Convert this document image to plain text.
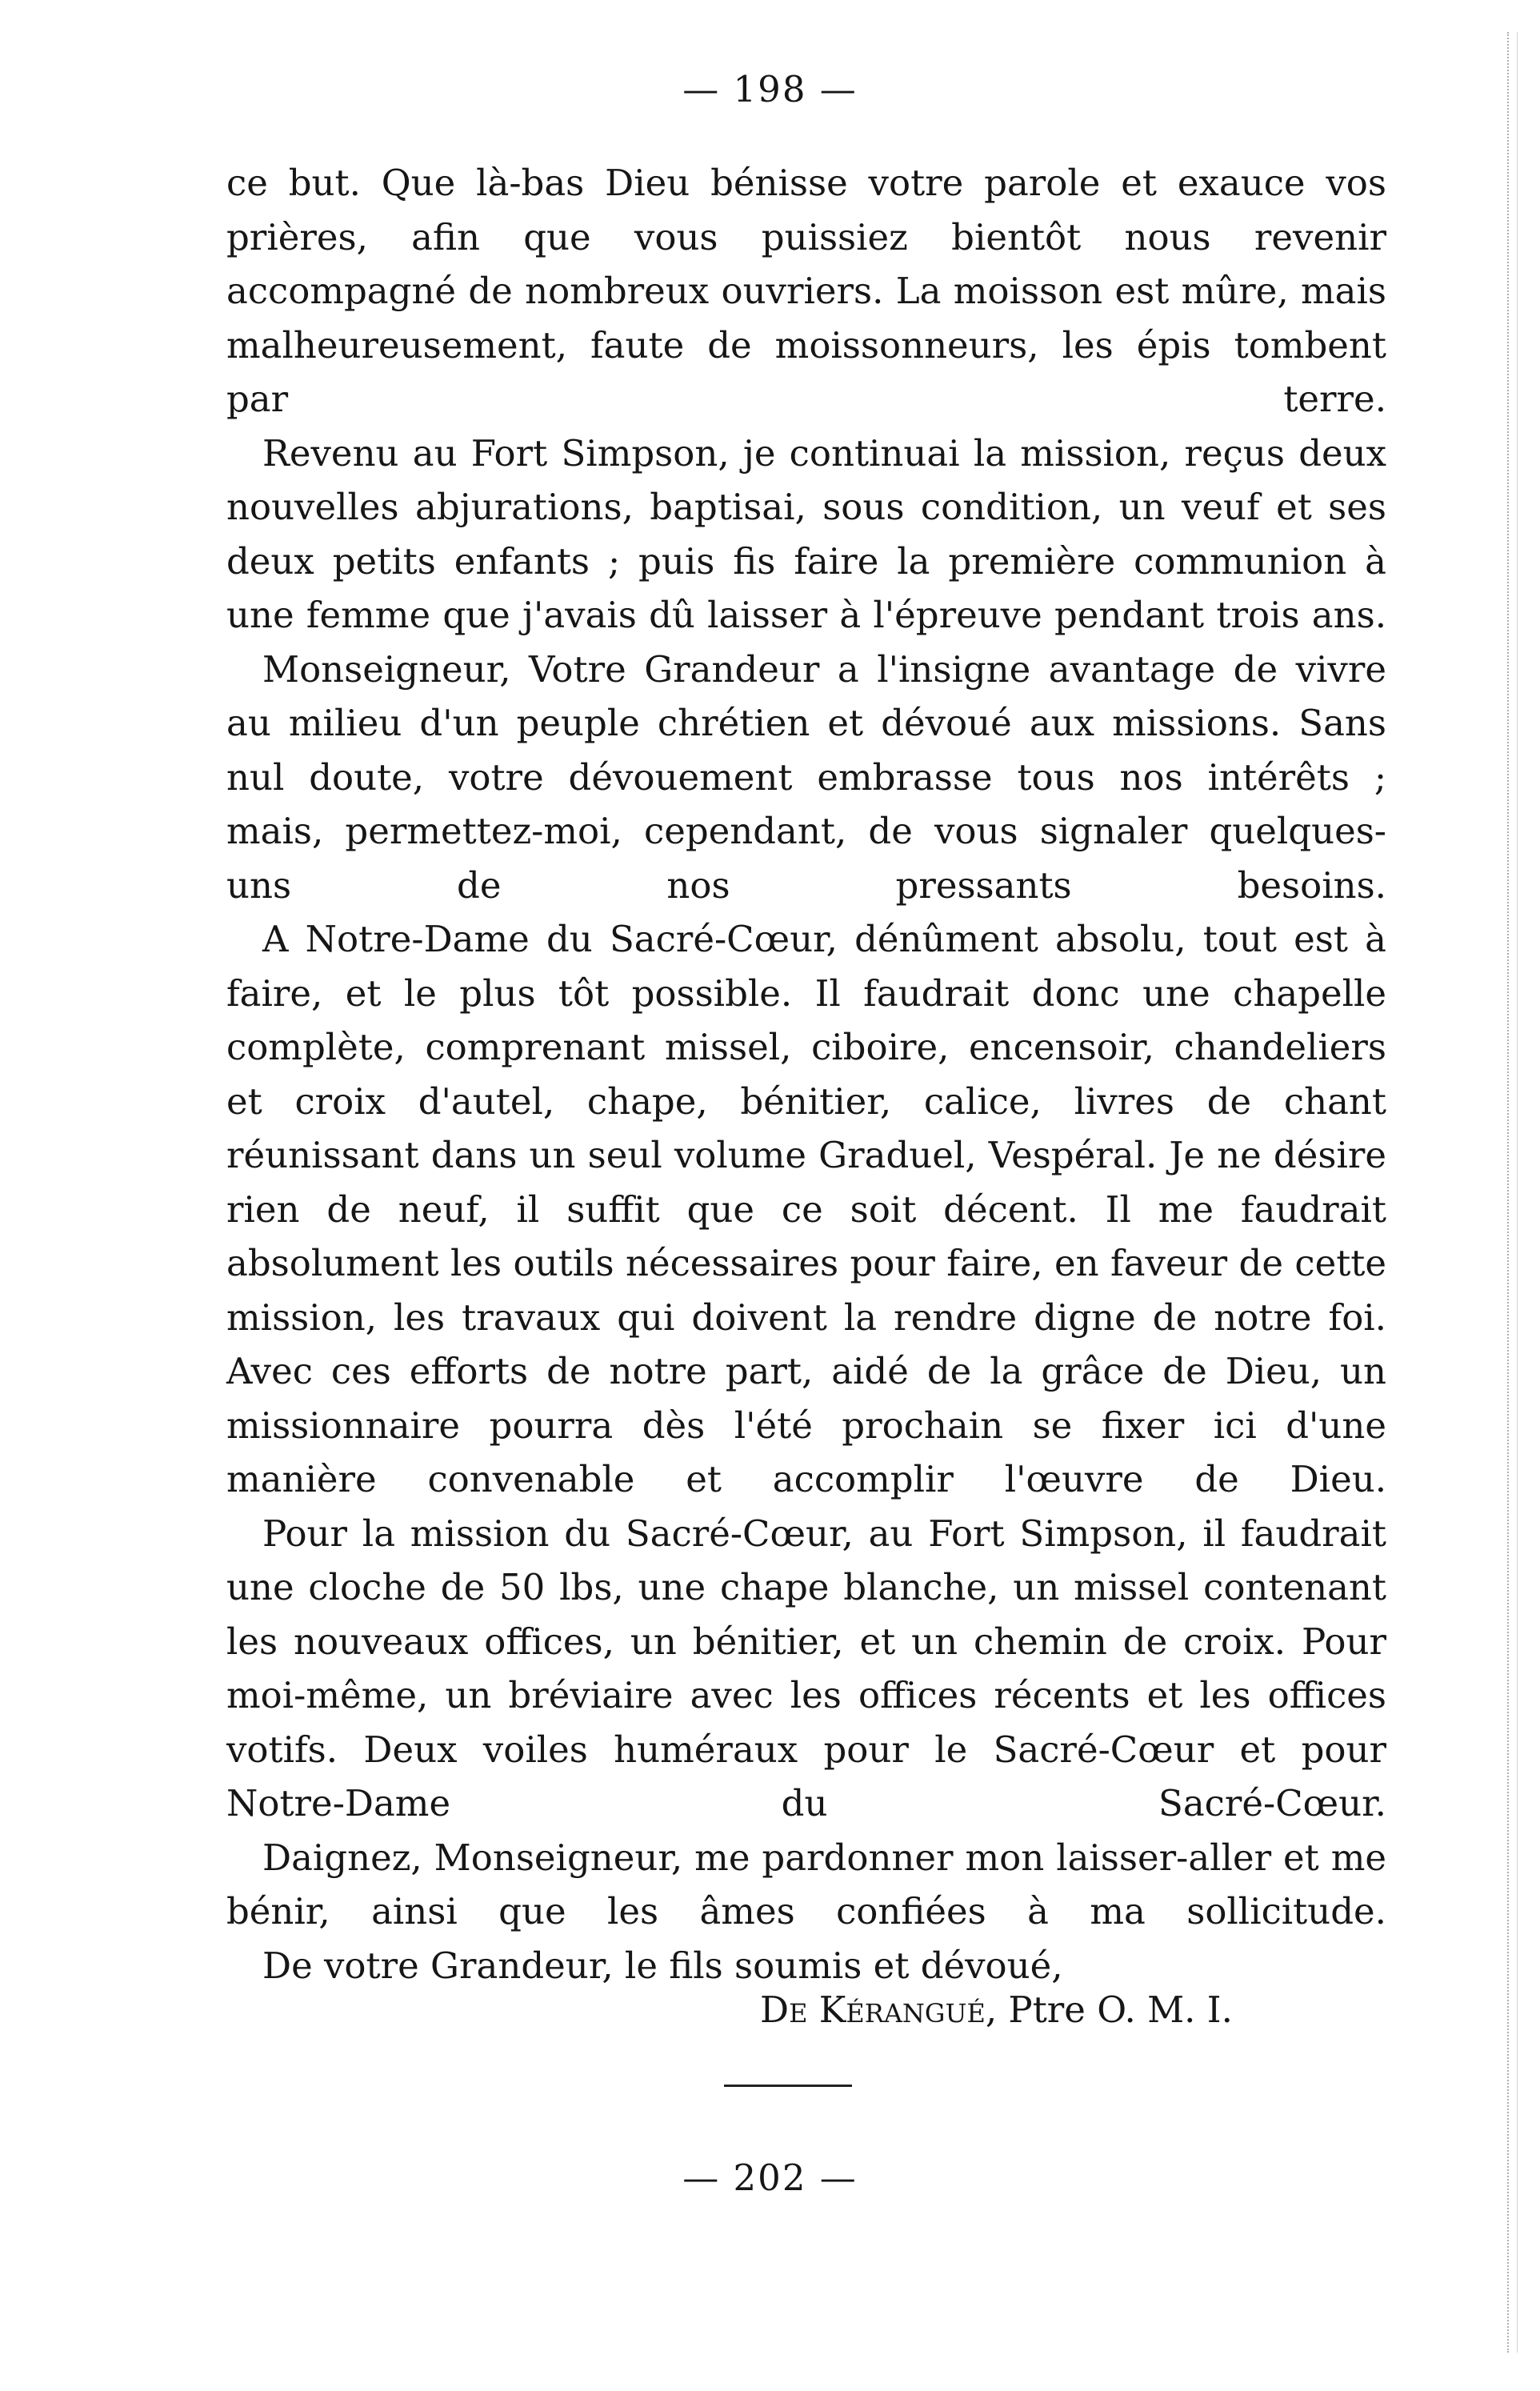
— 198 —

ce but. Que là-bas Dieu bénisse votre parole et exauce vos prières, afin que vous puissiez bientôt nous revenir accompagné de nombreux ouvriers. La moisson est mûre, mais malheureusement, faute de moissonneurs, les épis tombent par terre.

Revenu au Fort Simpson, je continuai la mission, reçus deux nouvelles abjurations, baptisai, sous condition, un veuf et ses deux petits enfants ; puis fis faire la première communion à une femme que j'avais dû laisser à l'épreuve pendant trois ans.

Monseigneur, Votre Grandeur a l'insigne avantage de vivre au milieu d'un peuple chrétien et dévoué aux missions. Sans nul doute, votre dévouement embrasse tous nos intérêts ; mais, permettez-moi, cependant, de vous signaler quelques-uns de nos pressants besoins.

A Notre-Dame du Sacré-Cœur, dénûment absolu, tout est à faire, et le plus tôt possible. Il faudrait donc une chapelle complète, comprenant missel, ciboire, encensoir, chandeliers et croix d'autel, chape, bénitier, calice, livres de chant réunissant dans un seul volume Graduel, Vespéral. Je ne désire rien de neuf, il suffit que ce soit décent. Il me faudrait absolument les outils nécessaires pour faire, en faveur de cette mission, les travaux qui doivent la rendre digne de notre foi. Avec ces efforts de notre part, aidé de la grâce de Dieu, un missionnaire pourra dès l'été prochain se fixer ici d'une manière convenable et accomplir l'œuvre de Dieu.

Pour la mission du Sacré-Cœur, au Fort Simpson, il faudrait une cloche de 50 lbs, une chape blanche, un missel contenant les nouveaux offices, un bénitier, et un chemin de croix. Pour moi-même, un bréviaire avec les offices récents et les offices votifs. Deux voiles huméraux pour le Sacré-Cœur et pour Notre-Dame du Sacré-Cœur.

Daignez, Monseigneur, me pardonner mon laisser-aller et me bénir, ainsi que les âmes confiées à ma sollicitude.

De votre Grandeur, le fils soumis et dévoué,

De Kérangué, Ptre O. M. I.
— 202 —
